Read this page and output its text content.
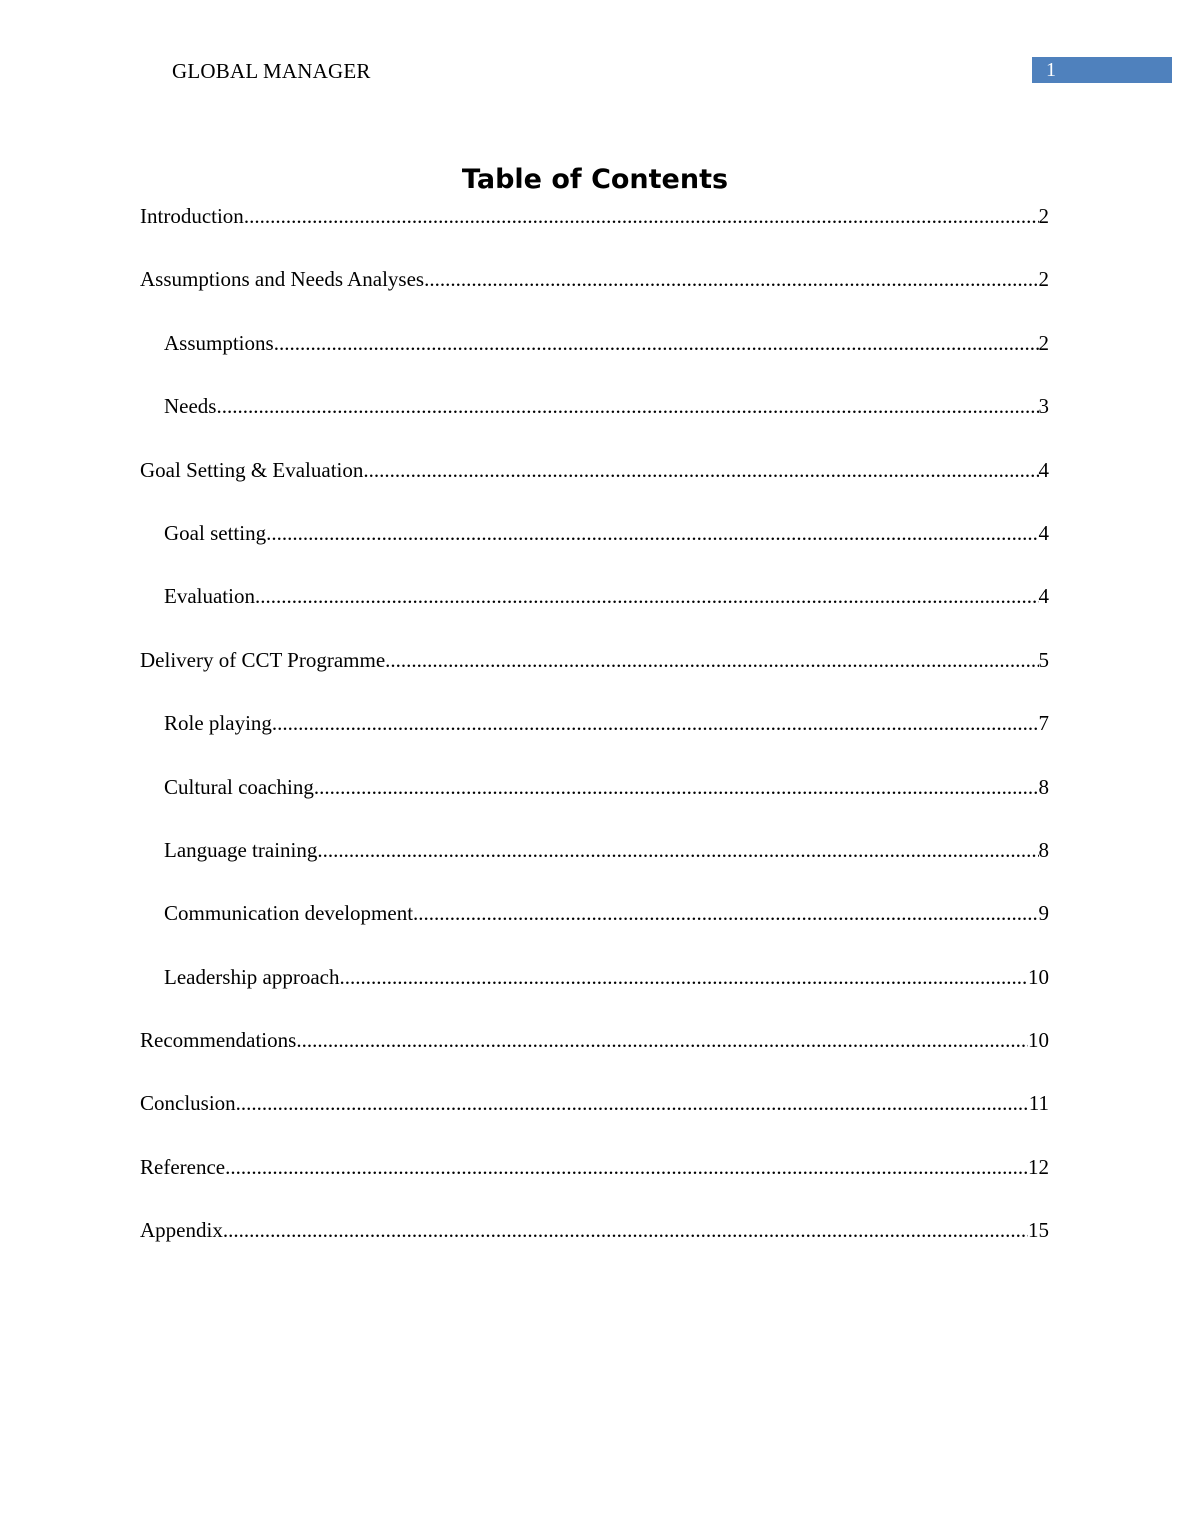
GLOBAL MANAGER	1
Table of Contents
Introduction .....	2
Assumptions and Needs Analyses .....	2
Assumptions .....	2
Needs .....	3
Goal Setting & Evaluation .....	4
Goal setting .....	4
Evaluation .....	4
Delivery of CCT Programme .....	5
Role playing .....	7
Cultural coaching .....	8
Language training .....	8
Communication development .....	9
Leadership approach .....	10
Recommendations .....	10
Conclusion .....	11
Reference .....	12
Appendix .....	15
